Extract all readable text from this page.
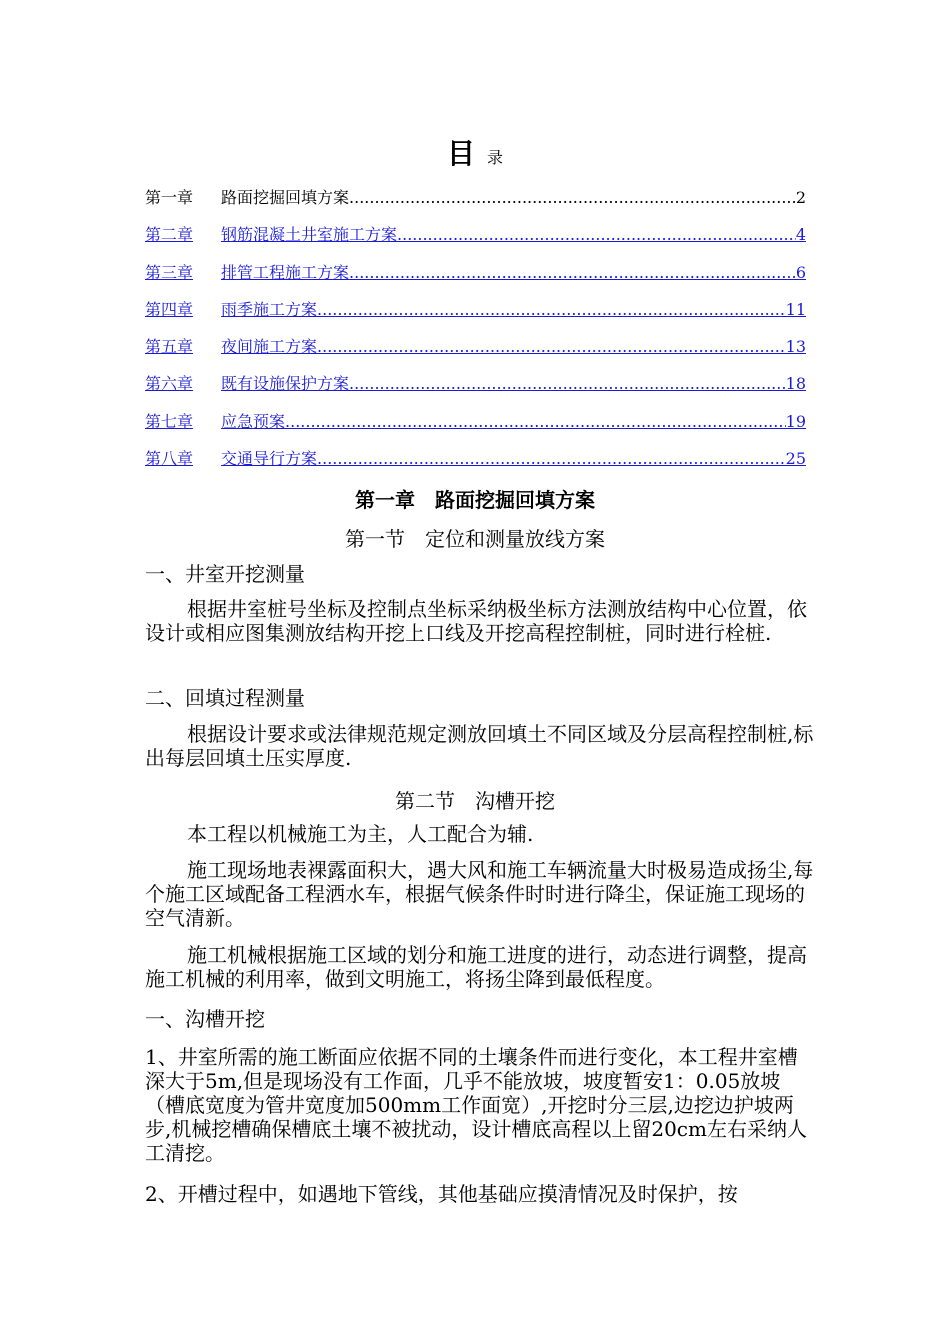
目录
第一章	路面挖掘回填方案 .....	2
第二章	钢筋混凝土井室施工方案 .....	4
第三章	排管工程施工方案 .....	6
第四章	雨季施工方案 .....	11
第五章	夜间施工方案 .....	13
第六章	既有设施保护方案 .....	18
第七章	应急预案 .....	19
第八章	交通导行方案 .....	25
第一章　路面挖掘回填方案
第一节　定位和测量放线方案
一、井室开挖测量
根据井室桩号坐标及控制点坐标采纳极坐标方法测放结构中心位置，依设计或相应图集测放结构开挖上口线及开挖高程控制桩，同时进行栓桩.
二、回填过程测量
根据设计要求或法律规范规定测放回填土不同区域及分层高程控制桩,标出每层回填土压实厚度.
第二节　沟槽开挖
本工程以机械施工为主，人工配合为辅.
施工现场地表裸露面积大，遇大风和施工车辆流量大时极易造成扬尘,每个施工区域配备工程洒水车，根据气候条件时时进行降尘，保证施工现场的空气清新。
施工机械根据施工区域的划分和施工进度的进行，动态进行调整，提高施工机械的利用率，做到文明施工，将扬尘降到最低程度。
一、沟槽开挖
1、井室所需的施工断面应依据不同的土壤条件而进行变化，本工程井室槽深大于5m,但是现场没有工作面，几乎不能放坡，坡度暂安1：0.05放坡（槽底宽度为管井宽度加500mm工作面宽）,开挖时分三层,边挖边护坡两步,机械挖槽确保槽底土壤不被扰动，设计槽底高程以上留20cm左右采纳人工清挖。
2、开槽过程中，如遇地下管线，其他基础应摸清情况及时保护，按
